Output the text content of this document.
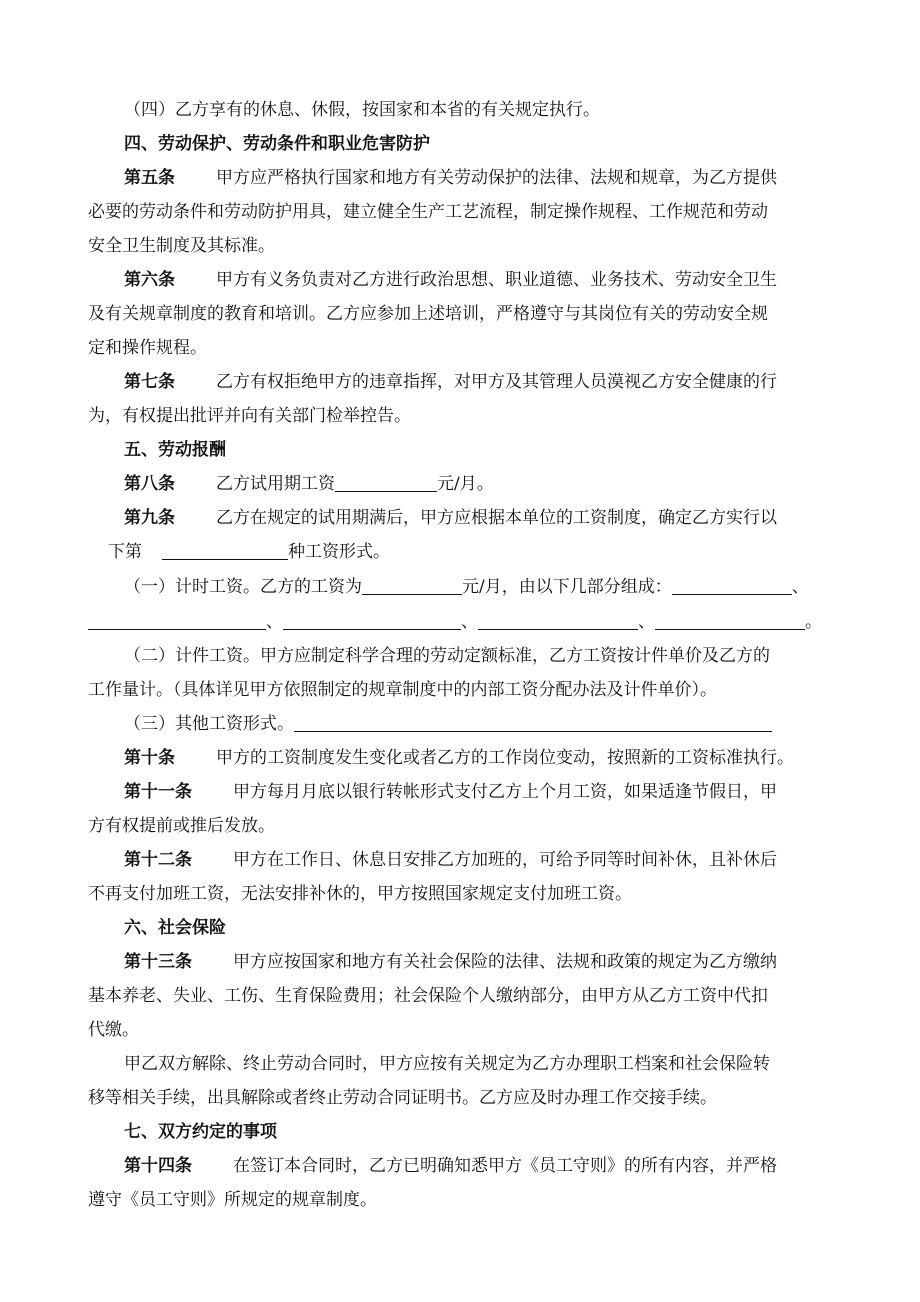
（四）乙方享有的休息、休假，按国家和本省的有关规定执行。
四、劳动保护、劳动条件和职业危害防护
第五条 甲方应严格执行国家和地方有关劳动保护的法律、法规和规章，为乙方提供
必要的劳动条件和劳动防护用具，建立健全生产工艺流程，制定操作规程、工作规范和劳动
安全卫生制度及其标准。
第六条 甲方有义务负责对乙方进行政治思想、职业道德、业务技术、劳动安全卫生
及有关规章制度的教育和培训。乙方应参加上述培训，严格遵守与其岗位有关的劳动安全规
定和操作规程。
第七条 乙方有权拒绝甲方的违章指挥，对甲方及其管理人员漠视乙方安全健康的行
为，有权提出批评并向有关部门检举控告。
五、劳动报酬
第八条 乙方试用期工资	元/月。
第九条 乙方在规定的试用期满后，甲方应根据本单位的工资制度，确定乙方实行以
下第	种工资形式。
（一）计时工资。乙方的工资为	元/月，由以下几部分组成：	、
、	、	、	。
（二）计件工资。甲方应制定科学合理的劳动定额标准，乙方工资按计件单价及乙方的
工作量计。（具体详见甲方依照制定的规章制度中的内部工资分配办法及计件单价）。
（三）其他工资形式。
第十条 甲方的工资制度发生变化或者乙方的工作岗位变动，按照新的工资标准执行。
第十一条 甲方每月月底以银行转帐形式支付乙方上个月工资，如果适逢节假日，甲
方有权提前或推后发放。
第十二条 甲方在工作日、休息日安排乙方加班的，可给予同等时间补休，且补休后
不再支付加班工资，无法安排补休的，甲方按照国家规定支付加班工资。
六、社会保险
第十三条 甲方应按国家和地方有关社会保险的法律、法规和政策的规定为乙方缴纳
基本养老、失业、工伤、生育保险费用；社会保险个人缴纳部分，由甲方从乙方工资中代扣
代缴。
甲乙双方解除、终止劳动合同时，甲方应按有关规定为乙方办理职工档案和社会保险转
移等相关手续，出具解除或者终止劳动合同证明书。乙方应及时办理工作交接手续。
七、双方约定的事项
第十四条 在签订本合同时，乙方已明确知悉甲方《员工守则》的所有内容，并严格
遵守《员工守则》所规定的规章制度。
